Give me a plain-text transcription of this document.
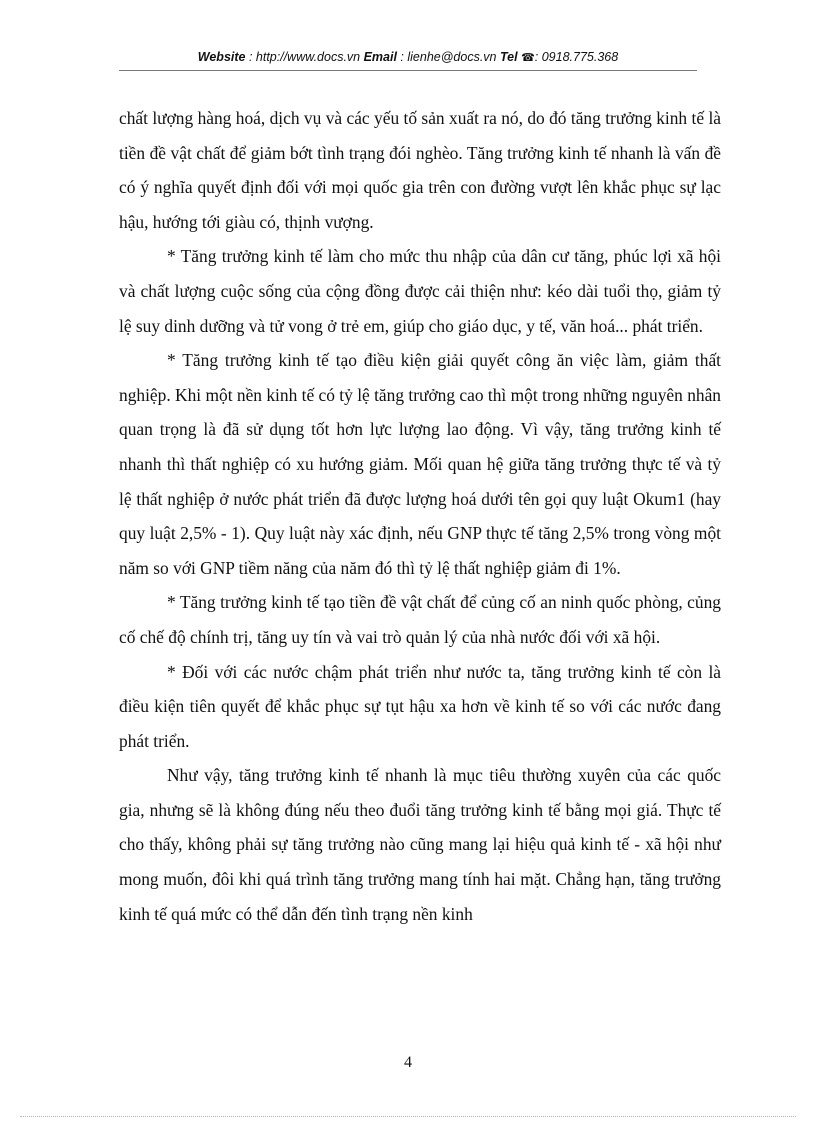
Website : http://www.docs.vn Email : lienhe@docs.vn Tel ☎: 0918.775.368

chất lượng hàng hoá, dịch vụ và các yếu tố sản xuất ra nó, do đó tăng trưởng kinh tế là tiền đề vật chất để giảm bớt tình trạng đói nghèo. Tăng trưởng kinh tế nhanh là vấn đề có ý nghĩa quyết định đối với mọi quốc gia trên con đường vượt lên khắc phục sự lạc hậu, hướng tới giàu có, thịnh vượng.

* Tăng trưởng kinh tế làm cho mức thu nhập của dân cư tăng, phúc lợi xã hội và chất lượng cuộc sống của cộng đồng được cải thiện như: kéo dài tuổi thọ, giảm tỷ lệ suy dinh dưỡng và tử vong ở trẻ em, giúp cho giáo dục, y tế, văn hoá... phát triển.

* Tăng trưởng kinh tế tạo điều kiện giải quyết công ăn việc làm, giảm thất nghiệp. Khi một nền kinh tế có tỷ lệ tăng trưởng cao thì một trong những nguyên nhân quan trọng là đã sử dụng tốt hơn lực lượng lao động. Vì vậy, tăng trưởng kinh tế nhanh thì thất nghiệp có xu hướng giảm. Mối quan hệ giữa tăng trưởng thực tế và tỷ lệ thất nghiệp ở nước phát triển đã được lượng hoá dưới tên gọi quy luật Okum1 (hay quy luật 2,5% - 1). Quy luật này xác định, nếu GNP thực tế tăng 2,5% trong vòng một năm so với GNP tiềm năng của năm đó thì tỷ lệ thất nghiệp giảm đi 1%.

* Tăng trưởng kinh tế tạo tiền đề vật chất để củng cố an ninh quốc phòng, củng cố chế độ chính trị, tăng uy tín và vai trò quản lý của nhà nước đối với xã hội.

* Đối với các nước chậm phát triển như nước ta, tăng trưởng kinh tế còn là điều kiện tiên quyết để khắc phục sự tụt hậu xa hơn về kinh tế so với các nước đang phát triển.

Như vậy, tăng trưởng kinh tế nhanh là mục tiêu thường xuyên của các quốc gia, nhưng sẽ là không đúng nếu theo đuổi tăng trưởng kinh tế bằng mọi giá. Thực tế cho thấy, không phải sự tăng trưởng nào cũng mang lại hiệu quả kinh tế - xã hội như mong muốn, đôi khi quá trình tăng trưởng mang tính hai mặt. Chẳng hạn, tăng trưởng kinh tế quá mức có thể dẫn đến tình trạng nền kinh

4
